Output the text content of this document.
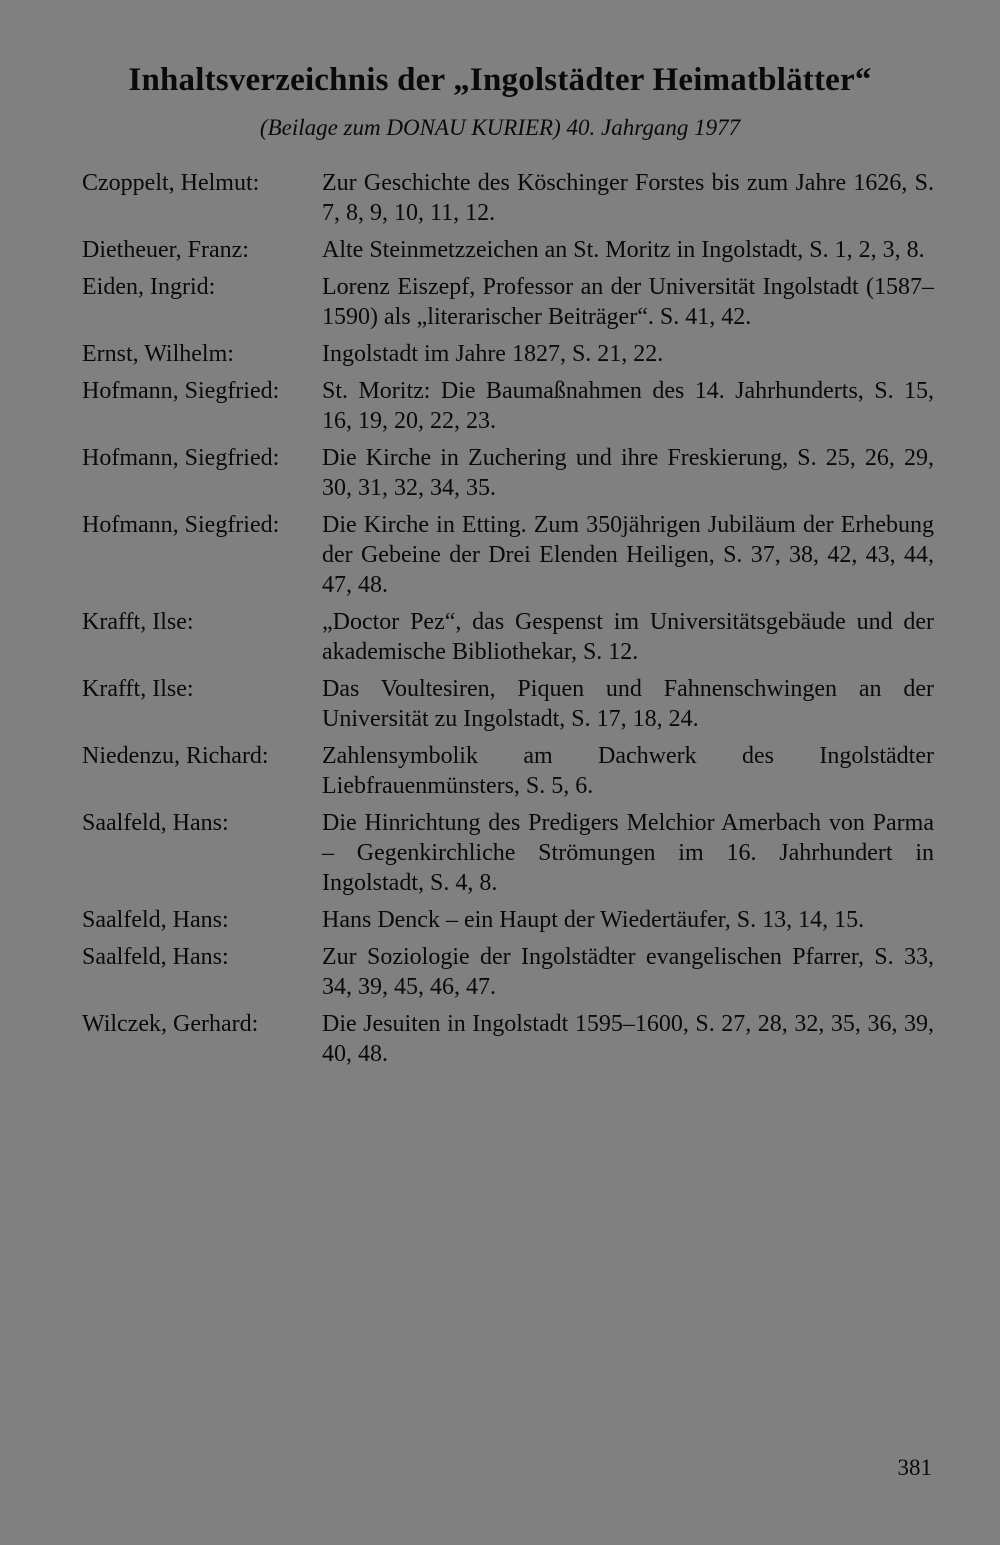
Inhaltsverzeichnis der „Ingolstädter Heimatblätter“

(Beilage zum DONAU KURIER) 40. Jahrgang 1977

Czoppelt, Helmut:	Zur Geschichte des Köschinger Forstes bis zum Jahre 1626, S. 7, 8, 9, 10, 11, 12.
Dietheuer, Franz:	Alte Steinmetzzeichen an St. Moritz in Ingolstadt, S. 1, 2, 3, 8.
Eiden, Ingrid:	Lorenz Eiszepf, Professor an der Universität Ingolstadt (1587–1590) als „literarischer Beiträger“. S. 41, 42.
Ernst, Wilhelm:	Ingolstadt im Jahre 1827, S. 21, 22.
Hofmann, Siegfried:	St. Moritz: Die Baumaßnahmen des 14. Jahrhunderts, S. 15, 16, 19, 20, 22, 23.
Hofmann, Siegfried:	Die Kirche in Zuchering und ihre Freskierung, S. 25, 26, 29, 30, 31, 32, 34, 35.
Hofmann, Siegfried:	Die Kirche in Etting. Zum 350jährigen Jubiläum der Erhebung der Gebeine der Drei Elenden Heiligen, S. 37, 38, 42, 43, 44, 47, 48.
Krafft, Ilse:	„Doctor Pez“, das Gespenst im Universitätsgebäude und der akademische Bibliothekar, S. 12.
Krafft, Ilse:	Das Voultesiren, Piquen und Fahnenschwingen an der Universität zu Ingolstadt, S. 17, 18, 24.
Niedenzu, Richard:	Zahlensymbolik am Dachwerk des Ingolstädter Liebfrauenmünsters, S. 5, 6.
Saalfeld, Hans:	Die Hinrichtung des Predigers Melchior Amerbach von Parma – Gegenkirchliche Strömungen im 16. Jahrhundert in Ingolstadt, S. 4, 8.
Saalfeld, Hans:	Hans Denck – ein Haupt der Wiedertäufer, S. 13, 14, 15.
Saalfeld, Hans:	Zur Soziologie der Ingolstädter evangelischen Pfarrer, S. 33, 34, 39, 45, 46, 47.
Wilczek, Gerhard:	Die Jesuiten in Ingolstadt 1595–1600, S. 27, 28, 32, 35, 36, 39, 40, 48.
381
